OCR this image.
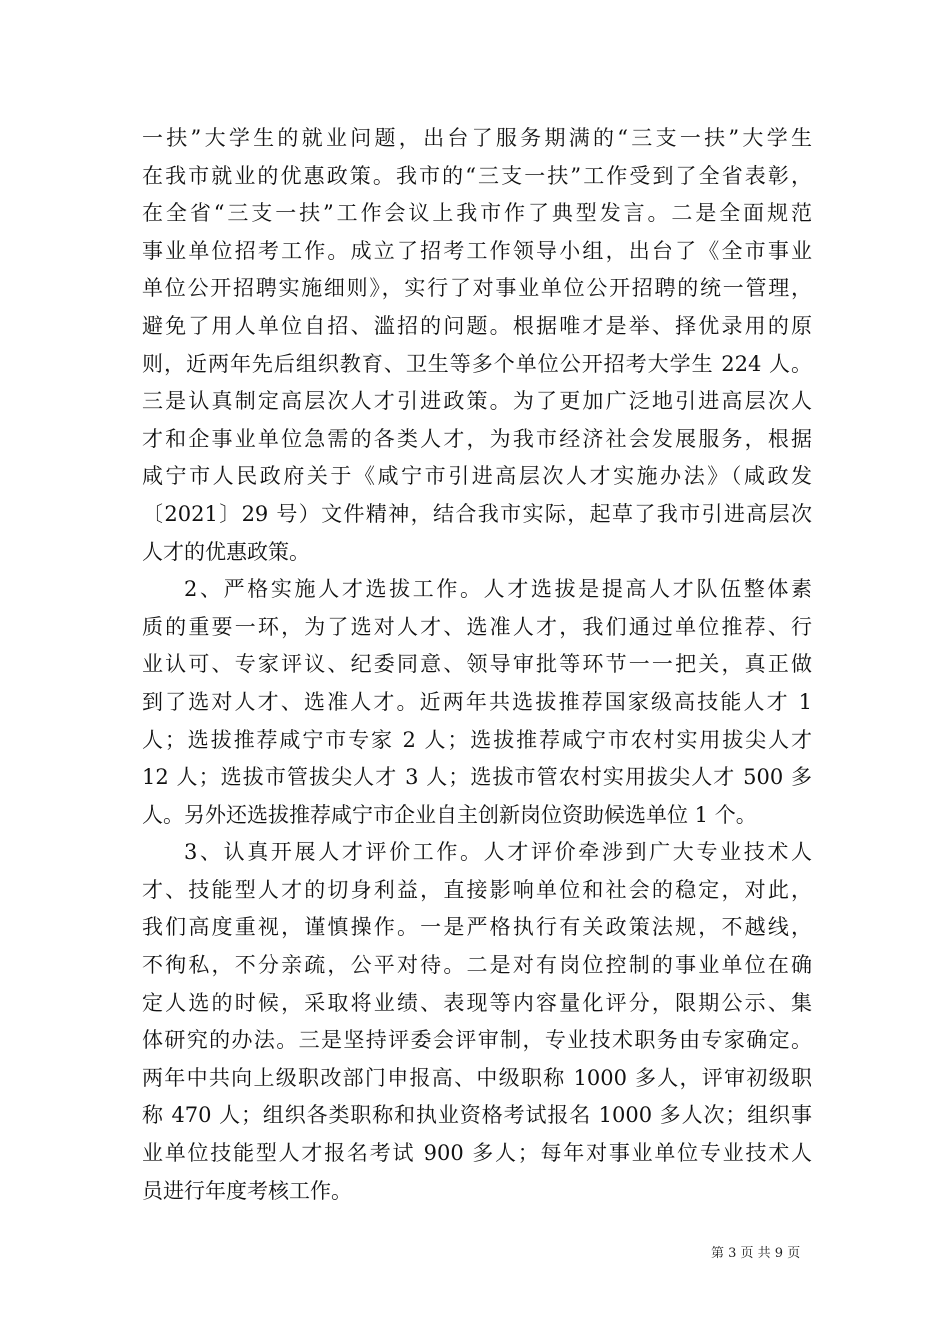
一扶”大学生的就业问题，出台了服务期满的“三支一扶”大学生
在我市就业的优惠政策。我市的“三支一扶”工作受到了全省表彰，
在全省“三支一扶”工作会议上我市作了典型发言。二是全面规范
事业单位招考工作。成立了招考工作领导小组，出台了《全市事业
单位公开招聘实施细则》，实行了对事业单位公开招聘的统一管理，
避免了用人单位自招、滥招的问题。根据唯才是举、择优录用的原
则，近两年先后组织教育、卫生等多个单位公开招考大学生 224 人。
三是认真制定高层次人才引进政策。为了更加广泛地引进高层次人
才和企事业单位急需的各类人才，为我市经济社会发展服务，根据
咸宁市人民政府关于《咸宁市引进高层次人才实施办法》（咸政发
〔2021〕29 号）文件精神，结合我市实际，起草了我市引进高层次
人才的优惠政策。
2、严格实施人才选拔工作。人才选拔是提高人才队伍整体素
质的重要一环，为了选对人才、选准人才，我们通过单位推荐、行
业认可、专家评议、纪委同意、领导审批等环节一一把关，真正做
到了选对人才、选准人才。近两年共选拔推荐国家级高技能人才 1
人；选拔推荐咸宁市专家 2 人；选拔推荐咸宁市农村实用拔尖人才
12 人；选拔市管拔尖人才 3 人；选拔市管农村实用拔尖人才 500 多
人。另外还选拔推荐咸宁市企业自主创新岗位资助候选单位 1 个。
3、认真开展人才评价工作。人才评价牵涉到广大专业技术人
才、技能型人才的切身利益，直接影响单位和社会的稳定，对此，
我们高度重视，谨慎操作。一是严格执行有关政策法规，不越线，
不徇私，不分亲疏，公平对待。二是对有岗位控制的事业单位在确
定人选的时候，采取将业绩、表现等内容量化评分，限期公示、集
体研究的办法。三是坚持评委会评审制，专业技术职务由专家确定。
两年中共向上级职改部门申报高、中级职称 1000 多人，评审初级职
称 470 人；组织各类职称和执业资格考试报名 1000 多人次；组织事
业单位技能型人才报名考试 900 多人；每年对事业单位专业技术人
员进行年度考核工作。
第 3 页 共 9 页
